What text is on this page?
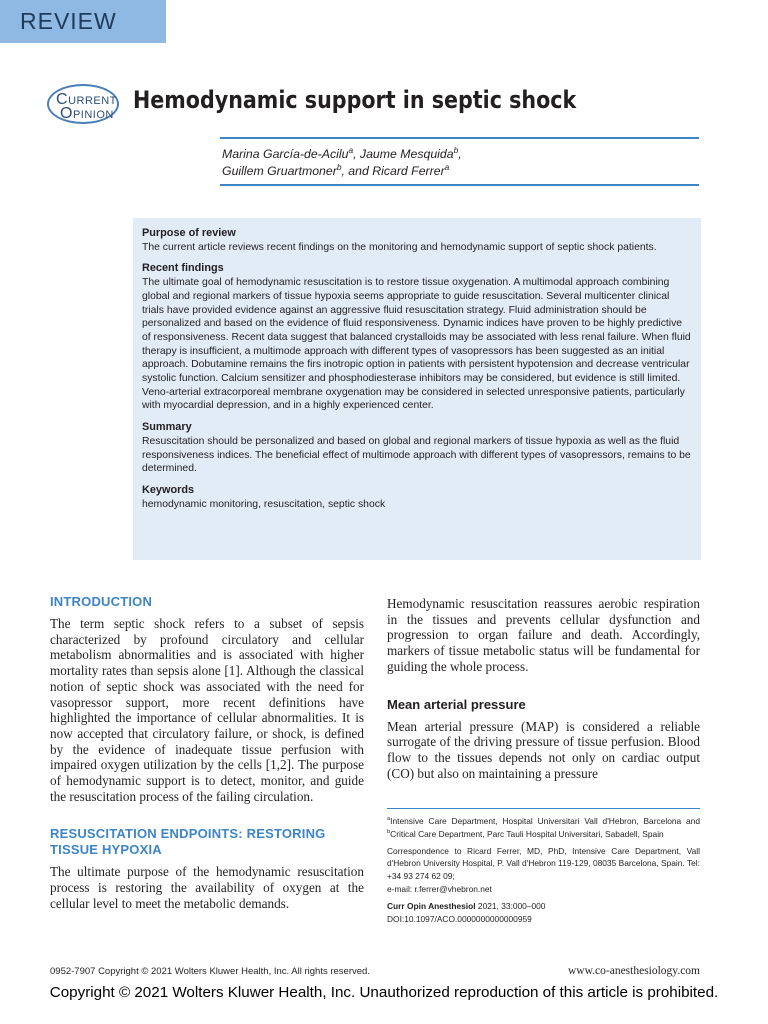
REVIEW
CURRENT
OPINION
Hemodynamic support in septic shock

Marina García-de-Acilu$^a$, Jaume Mesquida$^b$,

Guillem Gruartmoner$^b$, and Ricard Ferrer$^a$

Purpose of review

The current article reviews recent findings on the monitoring and hemodynamic support of septic shock patients.

Recent findings

The ultimate goal of hemodynamic resuscitation is to restore tissue oxygenation. A multimodal approach combining global and regional markers of tissue hypoxia seems appropriate to guide resuscitation. Several multicenter clinical trials have provided evidence against an aggressive fluid resuscitation strategy. Fluid administration should be personalized and based on the evidence of fluid responsiveness. Dynamic indices have proven to be highly predictive of responsiveness. Recent data suggest that balanced crystalloids may be associated with less renal failure. When fluid therapy is insufficient, a multimode approach with different types of vasopressors has been suggested as an initial approach. Dobutamine remains the firs inotropic option in patients with persistent hypotension and decrease ventricular systolic function. Calcium sensitizer and phosphodiesterase inhibitors may be considered, but evidence is still limited. Veno-arterial extracorporeal membrane oxygenation may be considered in selected unresponsive patients, particularly with myocardial depression, and in a highly experienced center.

Summary

Resuscitation should be personalized and based on global and regional markers of tissue hypoxia as well as the fluid responsiveness indices. The beneficial effect of multimode approach with different types of vasopressors, remains to be determined.

Keywords

hemodynamic monitoring, resuscitation, septic shock

INTRODUCTION

The term septic shock refers to a subset of sepsis characterized by profound circulatory and cellular metabolism abnormalities and is associated with higher mortality rates than sepsis alone [1]. Although the classical notion of septic shock was associated with the need for vasopressor support, more recent definitions have highlighted the importance of cellular abnormalities. It is now accepted that circulatory failure, or shock, is defined by the evidence of inadequate tissue perfusion with impaired oxygen utilization by the cells [1,2]. The purpose of hemodynamic support is to detect, monitor, and guide the resuscitation process of the failing circulation.

RESUSCITATION ENDPOINTS: RESTORING TISSUE HYPOXIA

The ultimate purpose of the hemodynamic resuscitation process is restoring the availability of oxygen at the cellular level to meet the metabolic demands.

Hemodynamic resuscitation reassures aerobic respiration in the tissues and prevents cellular dysfunction and progression to organ failure and death. Accordingly, markers of tissue metabolic status will be fundamental for guiding the whole process.

Mean arterial pressure

Mean arterial pressure (MAP) is considered a reliable surrogate of the driving pressure of tissue perfusion. Blood flow to the tissues depends not only on cardiac output (CO) but also on maintaining a pressure

$^a$Intensive Care Department, Hospital Universitari Vall d'Hebron, Barcelona and $^b$Critical Care Department, Parc Tauli Hospital Universitari, Sabadell, Spain

Correspondence to Ricard Ferrer, MD, PhD, Intensive Care Department, Vall d'Hebron University Hospital, P. Vall d'Hebron 119-129, 08035 Barcelona, Spain. Tel: +34 93 274 62 09;
e-mail: r.ferrer@vhebron.net

Curr Opin Anesthesiol 2021, 33:000–000
DOI:10.1097/ACO.0000000000000959

0952-7907 Copyright © 2021 Wolters Kluwer Health, Inc. All rights reserved.	www.co-anesthesiology.com
Copyright © 2021 Wolters Kluwer Health, Inc. Unauthorized reproduction of this article is prohibited.
